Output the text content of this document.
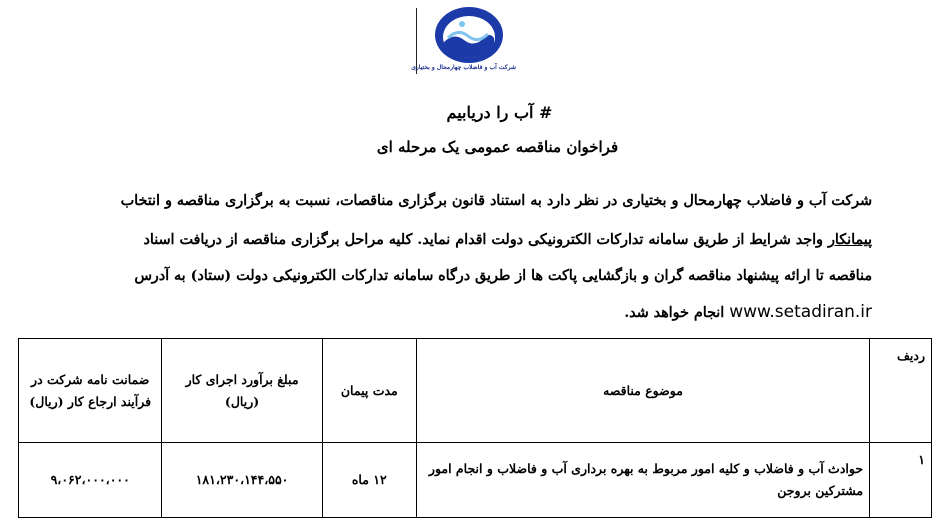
شرکت آب و فاضلاب چهارمحال و بختیاری
# آب را دریابیم
فراخوان مناقصه عمومی یک مرحله ای
شرکت آب و فاضلاب چهارمحال و بختیاری در نظر دارد به استناد قانون برگزاری مناقصات، نسبت به برگزاری مناقصه و انتخاب
پیمانکار واجد شرایط از طریق سامانه تدارکات الکترونیکی دولت اقدام نماید. کلیه مراحل برگزاری مناقصه از دریافت اسناد
مناقصه تا ارائه پیشنهاد مناقصه گران و بازگشایی پاکت ها از طریق درگاه سامانه تدارکات الکترونیکی دولت (ستاد) به آدرس
www.setadiran.ir انجام خواهد شد.
ردیف	موضوع مناقصه	مدت پیمان	مبلغ برآورد اجرای کار (ریال)	ضمانت نامه شرکت در فرآیند ارجاع کار (ریال)
۱	حوادث آب و فاضلاب و کلیه امور مربوط به بهره برداری آب و فاضلاب و انجام امور مشترکین بروجن	۱۲ ماه	۱۸۱،۲۳۰،۱۴۴،۵۵۰	۹،۰۶۲،۰۰۰،۰۰۰
